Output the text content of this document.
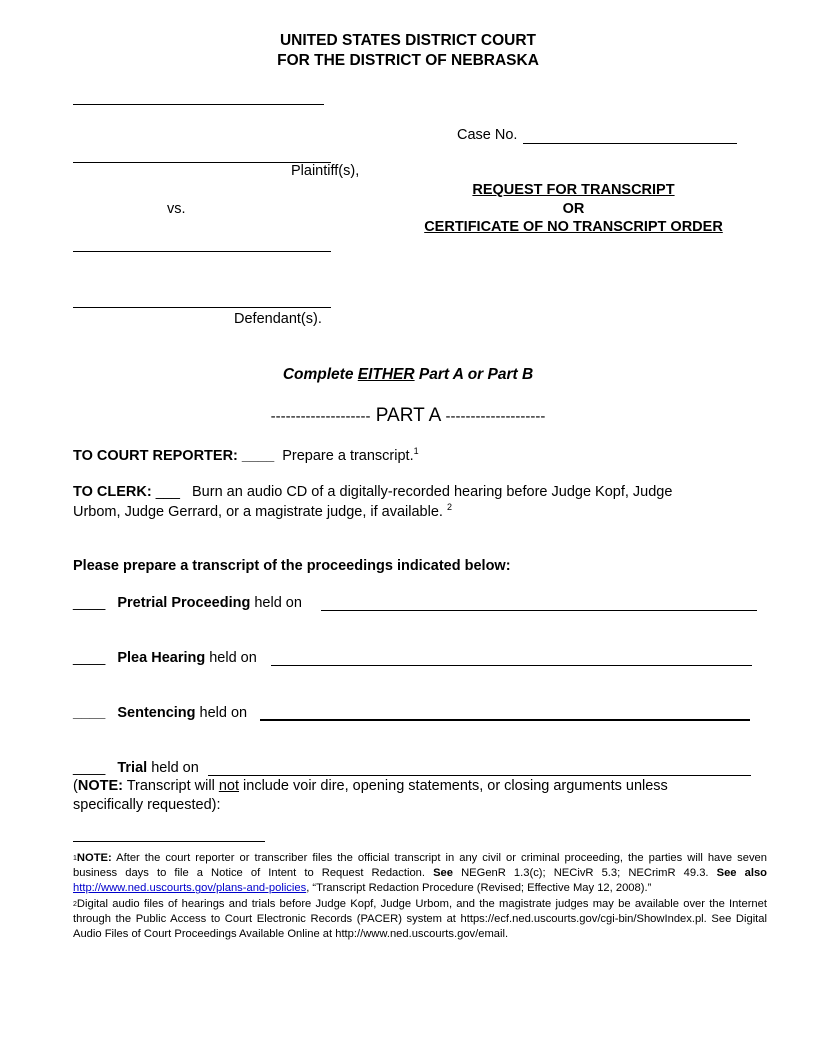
UNITED STATES DISTRICT COURT
FOR THE DISTRICT OF NEBRASKA
Case No.
Plaintiff(s),
REQUEST FOR TRANSCRIPT
vs.	OR
CERTIFICATE OF NO TRANSCRIPT ORDER
Defendant(s).
Complete EITHER Part A or Part B
-------------------- PART A --------------------
TO COURT REPORTER: ____ Prepare a transcript.$^1$
TO CLERK: ___ Burn an audio CD of a digitally-recorded hearing before Judge Kopf, Judge
Urbom, Judge Gerrard, or a magistrate judge, if available. $^2$
Please prepare a transcript of the proceedings indicated below:
____ Pretrial Proceeding held on
____ Plea Hearing held on
____ Sentencing held on
____ Trial held on
(NOTE: Transcript will not include voir dire, opening statements, or closing arguments unless
specifically requested):

$^1$NOTE: After the court reporter or transcriber files the official transcript in any civil or criminal proceeding, the parties will have seven business days to file a Notice of Intent to Request Redaction. See NEGenR 1.3(c); NECivR 5.3; NECrimR 49.3. See also http://www.ned.uscourts.gov/plans-and-policies, “Transcript Redaction Procedure (Revised; Effective May 12, 2008).”

$^2$Digital audio files of hearings and trials before Judge Kopf, Judge Urbom, and the magistrate judges may be available over the Internet through the Public Access to Court Electronic Records (PACER) system at https://ecf.ned.uscourts.gov/cgi-bin/ShowIndex.pl. See Digital Audio Files of Court Proceedings Available Online at http://www.ned.uscourts.gov/email.
